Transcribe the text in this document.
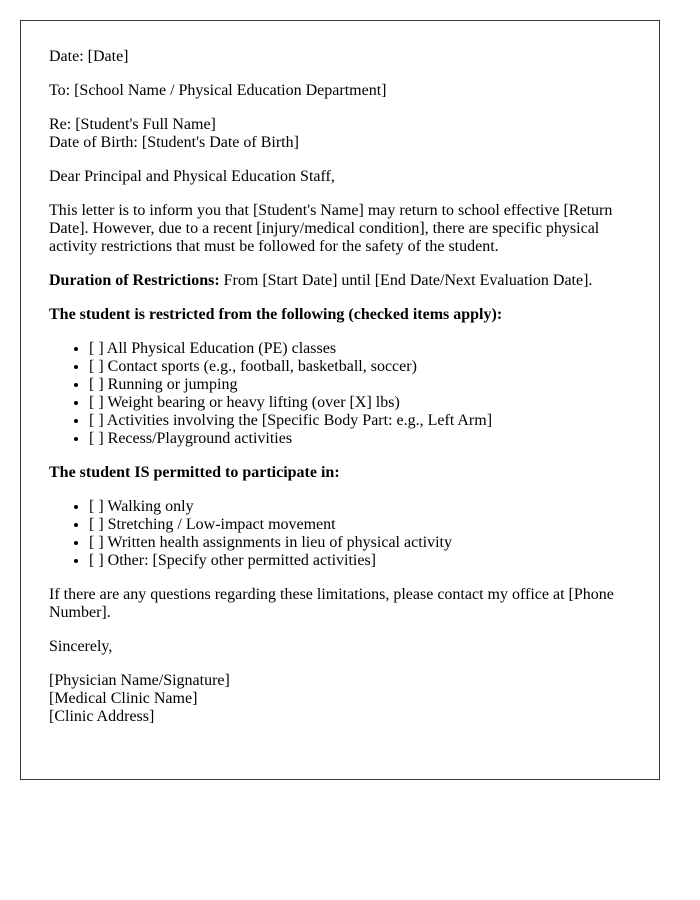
Date: [Date]

To: [School Name / Physical Education Department]

Re: [Student's Full Name]
Date of Birth: [Student's Date of Birth]

Dear Principal and Physical Education Staff,

This letter is to inform you that [Student's Name] may return to school effective [Return Date]. However, due to a recent [injury/medical condition], there are specific physical activity restrictions that must be followed for the safety of the student.

Duration of Restrictions: From [Start Date] until [End Date/Next Evaluation Date].

The student is restricted from the following (checked items apply):

• [ ] All Physical Education (PE) classes
• [ ] Contact sports (e.g., football, basketball, soccer)
• [ ] Running or jumping
• [ ] Weight bearing or heavy lifting (over [X] lbs)
• [ ] Activities involving the [Specific Body Part: e.g., Left Arm]
• [ ] Recess/Playground activities

The student IS permitted to participate in:

• [ ] Walking only
• [ ] Stretching / Low-impact movement
• [ ] Written health assignments in lieu of physical activity
• [ ] Other: [Specify other permitted activities]

If there are any questions regarding these limitations, please contact my office at [Phone Number].

Sincerely,

[Physician Name/Signature]

[Medical Clinic Name]

[Clinic Address]
